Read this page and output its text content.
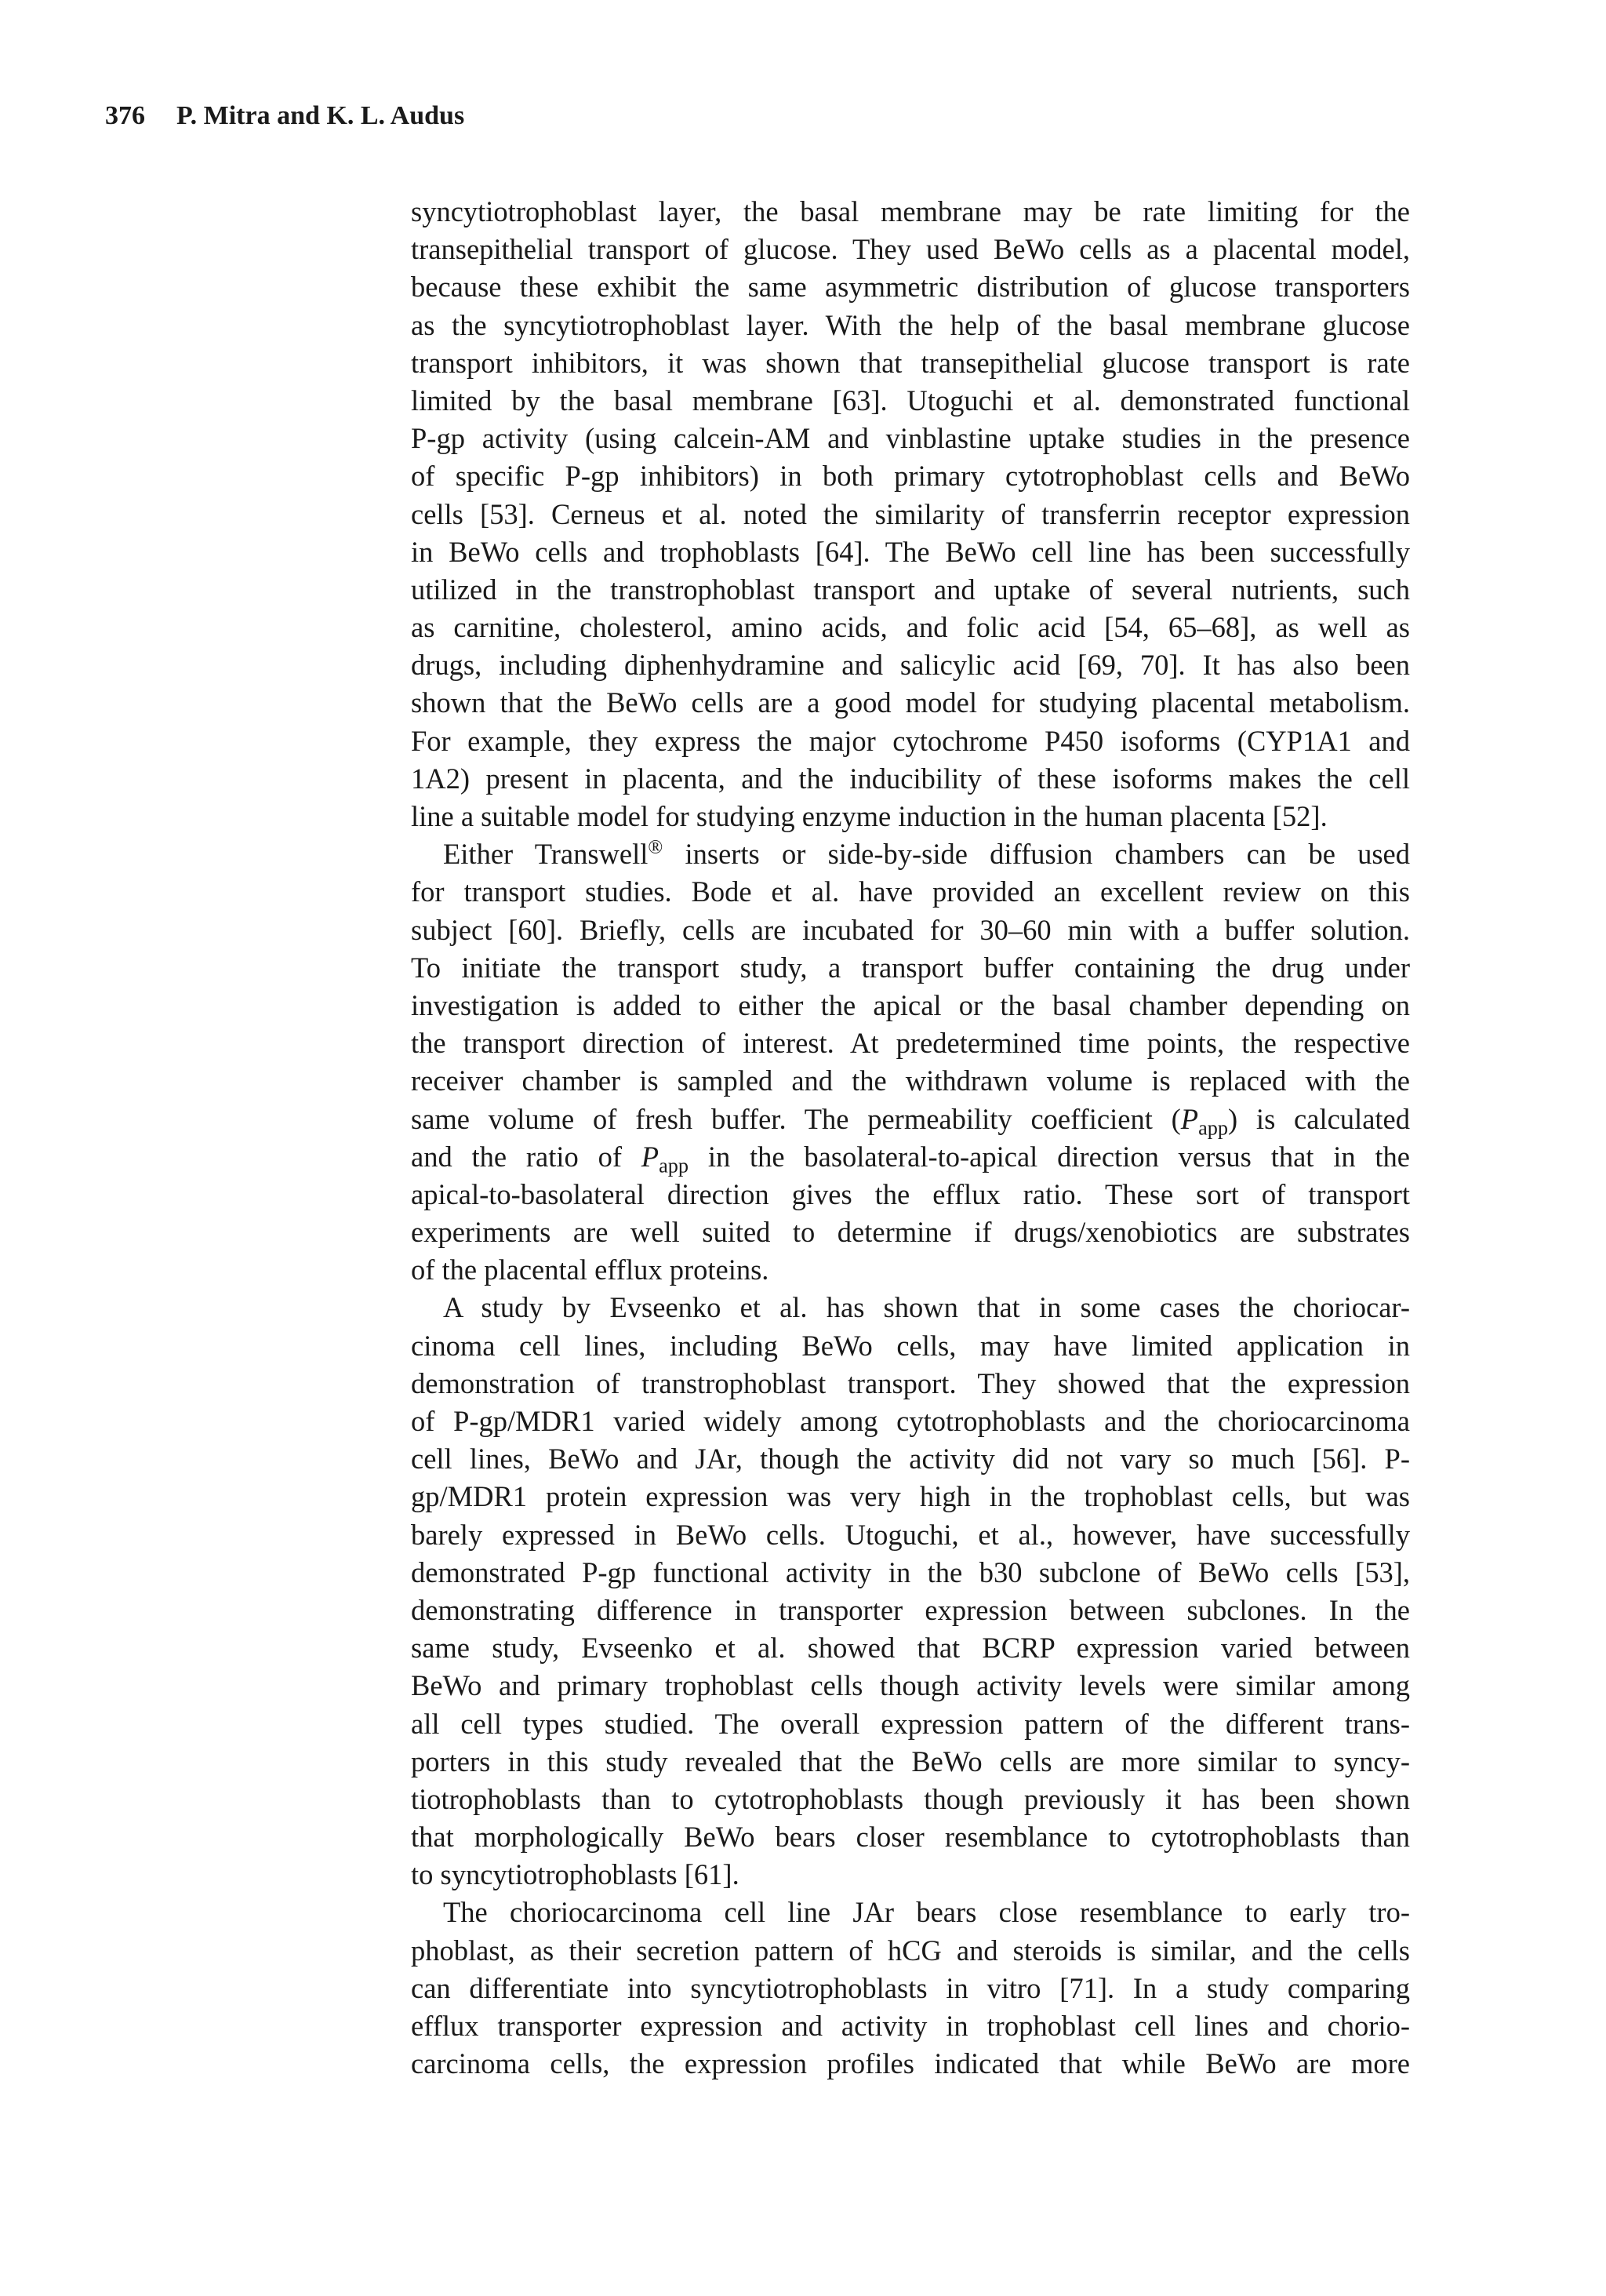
376 P. Mitra and K. L. Audus
syncytiotrophoblast layer, the basal membrane may be rate limiting for the
transepithelial transport of glucose. They used BeWo cells as a placental model,
because these exhibit the same asymmetric distribution of glucose transporters
as the syncytiotrophoblast layer. With the help of the basal membrane glucose
transport inhibitors, it was shown that transepithelial glucose transport is rate
limited by the basal membrane [63]. Utoguchi et al. demonstrated functional
P-gp activity (using calcein-AM and vinblastine uptake studies in the presence
of specific P-gp inhibitors) in both primary cytotrophoblast cells and BeWo
cells [53]. Cerneus et al. noted the similarity of transferrin receptor expression
in BeWo cells and trophoblasts [64]. The BeWo cell line has been successfully
utilized in the transtrophoblast transport and uptake of several nutrients, such
as carnitine, cholesterol, amino acids, and folic acid [54, 65–68], as well as
drugs, including diphenhydramine and salicylic acid [69, 70]. It has also been
shown that the BeWo cells are a good model for studying placental metabolism.
For example, they express the major cytochrome P450 isoforms (CYP1A1 and
1A2) present in placenta, and the inducibility of these isoforms makes the cell
line a suitable model for studying enzyme induction in the human placenta [52].
Either Transwell® inserts or side-by-side diffusion chambers can be used
for transport studies. Bode et al. have provided an excellent review on this
subject [60]. Briefly, cells are incubated for 30–60 min with a buffer solution.
To initiate the transport study, a transport buffer containing the drug under
investigation is added to either the apical or the basal chamber depending on
the transport direction of interest. At predetermined time points, the respective
receiver chamber is sampled and the withdrawn volume is replaced with the
same volume of fresh buffer. The permeability coefficient $(P_{app})$ is calculated
and the ratio of $P_{app}$ in the basolateral-to-apical direction versus that in the
apical-to-basolateral direction gives the efflux ratio. These sort of transport
experiments are well suited to determine if drugs/xenobiotics are substrates
of the placental efflux proteins.
A study by Evseenko et al. has shown that in some cases the choriocar-
cinoma cell lines, including BeWo cells, may have limited application in
demonstration of transtrophoblast transport. They showed that the expression
of P-gp/MDR1 varied widely among cytotrophoblasts and the choriocarcinoma
cell lines, BeWo and JAr, though the activity did not vary so much [56]. P-
gp/MDR1 protein expression was very high in the trophoblast cells, but was
barely expressed in BeWo cells. Utoguchi, et al., however, have successfully
demonstrated P-gp functional activity in the b30 subclone of BeWo cells [53],
demonstrating difference in transporter expression between subclones. In the
same study, Evseenko et al. showed that BCRP expression varied between
BeWo and primary trophoblast cells though activity levels were similar among
all cell types studied. The overall expression pattern of the different trans-
porters in this study revealed that the BeWo cells are more similar to syncy-
tiotrophoblasts than to cytotrophoblasts though previously it has been shown
that morphologically BeWo bears closer resemblance to cytotrophoblasts than
to syncytiotrophoblasts [61].
The choriocarcinoma cell line JAr bears close resemblance to early tro-
phoblast, as their secretion pattern of hCG and steroids is similar, and the cells
can differentiate into syncytiotrophoblasts in vitro [71]. In a study comparing
efflux transporter expression and activity in trophoblast cell lines and chorio-
carcinoma cells, the expression profiles indicated that while BeWo are more
